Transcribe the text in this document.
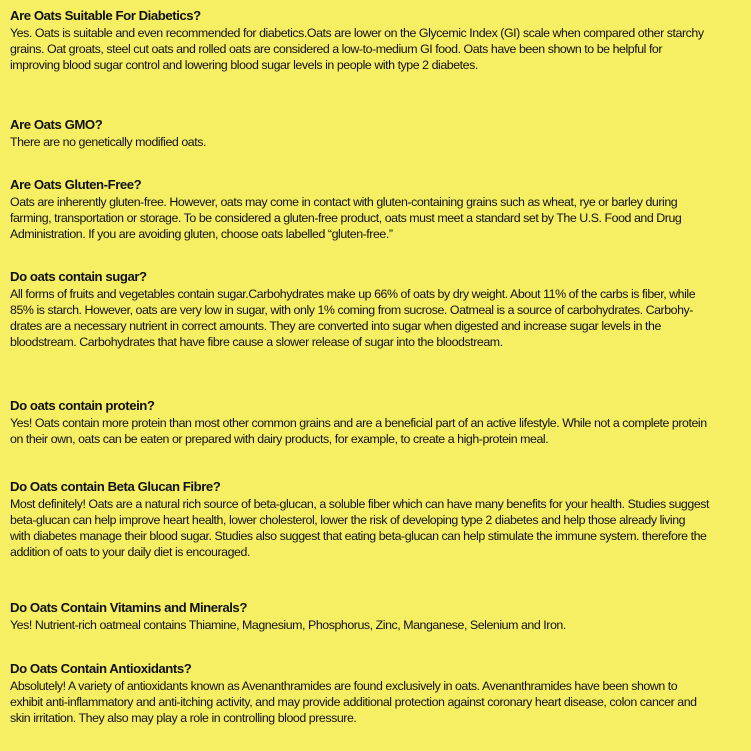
Are Oats Suitable For Diabetics?

Yes. Oats is suitable and even recommended for diabetics.Oats are lower on the Glycemic Index (GI) scale when compared other starchy
grains. Oat groats, steel cut oats and rolled oats are considered a low-to-medium GI food. Oats have been shown to be helpful for
improving blood sugar control and lowering blood sugar levels in people with type 2 diabetes.

Are Oats GMO?

There are no genetically modified oats.

Are Oats Gluten-Free?

Oats are inherently gluten-free. However, oats may come in contact with gluten-containing grains such as wheat, rye or barley during
farming, transportation or storage. To be considered a gluten-free product, oats must meet a standard set by The U.S. Food and Drug
Administration. If you are avoiding gluten, choose oats labelled “gluten-free.”

Do oats contain sugar?

All forms of fruits and vegetables contain sugar.Carbohydrates make up 66% of oats by dry weight. About 11% of the carbs is fiber, while
85% is starch. However, oats are very low in sugar, with only 1% coming from sucrose. Oatmeal is a source of carbohydrates. Carbohy-
drates are a necessary nutrient in correct amounts. They are converted into sugar when digested and increase sugar levels in the
bloodstream. Carbohydrates that have fibre cause a slower release of sugar into the bloodstream.

Do oats contain protein?

Yes! Oats contain more protein than most other common grains and are a beneficial part of an active lifestyle. While not a complete protein
on their own, oats can be eaten or prepared with dairy products, for example, to create a high-protein meal.

Do Oats contain Beta Glucan Fibre?

Most definitely! Oats are a natural rich source of beta-glucan, a soluble fiber which can have many benefits for your health. Studies suggest
beta-glucan can help improve heart health, lower cholesterol, lower the risk of developing type 2 diabetes and help those already living
with diabetes manage their blood sugar. Studies also suggest that eating beta-glucan can help stimulate the immune system. therefore the
addition of oats to your daily diet is encouraged.

Do Oats Contain Vitamins and Minerals?

Yes! Nutrient-rich oatmeal contains Thiamine, Magnesium, Phosphorus, Zinc, Manganese, Selenium and Iron.

Do Oats Contain Antioxidants?

Absolutely! A variety of antioxidants known as Avenanthramides are found exclusively in oats. Avenanthramides have been shown to
exhibit anti-inflammatory and anti-itching activity, and may provide additional protection against coronary heart disease, colon cancer and
skin irritation. They also may play a role in controlling blood pressure.
